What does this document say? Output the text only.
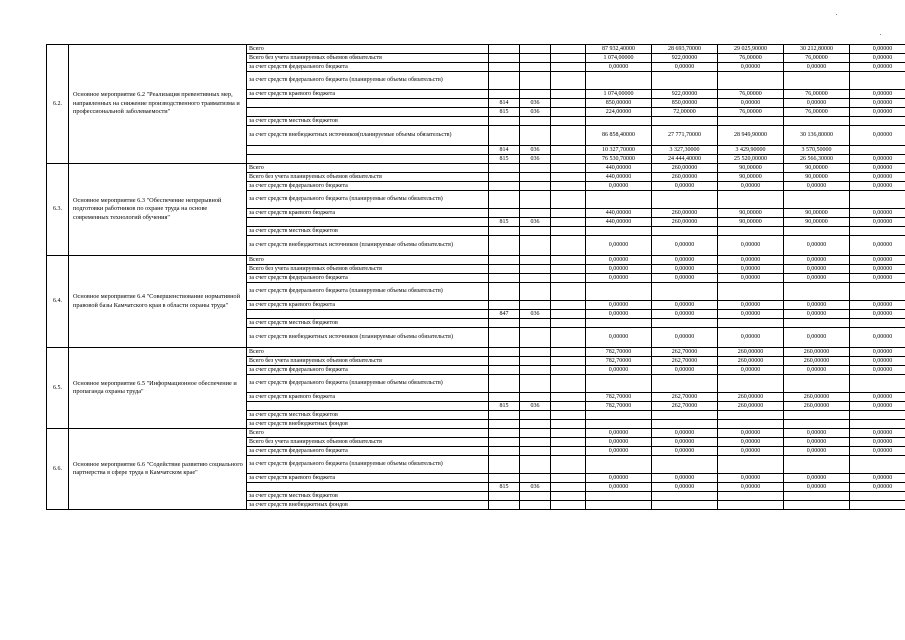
6.2.	Основное мероприятие 6.2 "Реализация превентивных мер, направленных на снижение производственного травматизма и профессиональной заболеваемости"	Всего				87 932,40000	28 693,70000	29 025,90000	30 212,80000	0,00000
		Всего без учета планируемых объемов обязательств				1 074,00000	922,00000	76,00000	76,00000	0,00000
		за счет средств федерального бюджета				0,00000	0,00000	0,00000	0,00000	0,00000
		за счет средств федерального бюджета (планируемые объемы обязательств)								
		за счет средств краевого бюджета				1 074,00000	922,00000	76,00000	76,00000	0,00000
			814	036		850,00000	850,00000	0,00000	0,00000	0,00000
			815	036		224,00000	72,00000	76,00000	76,00000	0,00000
		за счет средств местных бюджетов								
		за счет средств внебюджетных источников(планируемые объемы обязательств)				86 858,40000	27 771,70000	28 949,90000	30 136,80000	0,00000
			814	036		10 327,70000	3 327,30000	3 429,90000	3 570,50000	
			815	036		76 530,70000	24 444,40000	25 520,00000	26 566,30000	0,00000
6.3.	Основное мероприятие 6.3 "Обеспечение непрерывной подготовки работников по охране труда на основе современных технологий обучения"	Всего				440,00000	260,00000	90,00000	90,00000	0,00000
		Всего без учета планируемых объемов обязательств				440,00000	260,00000	90,00000	90,00000	0,00000
		за счет средств федерального бюджета				0,00000	0,00000	0,00000	0,00000	0,00000
		за счет средств федерального бюджета (планируемые объемы обязательств)								
		за счет средств краевого бюджета				440,00000	260,00000	90,00000	90,00000	0,00000
			815	036		440,00000	260,00000	90,00000	90,00000	0,00000
		за счет средств местных бюджетов								
		за счет средств внебюджетных источников (планируемые объемы обязательств)				0,00000	0,00000	0,00000	0,00000	0,00000
6.4.	Основное мероприятие 6.4 "Совершенствование нормативной правовой базы Камчатского края в области охраны труда"	Всего				0,00000	0,00000	0,00000	0,00000	0,00000
		Всего без учета планируемых объемов обязательств				0,00000	0,00000	0,00000	0,00000	0,00000
		за счет средств федерального бюджета				0,00000	0,00000	0,00000	0,00000	0,00000
		за счет средств федерального бюджета (планируемые объемы обязательств)								
		за счет средств краевого бюджета				0,00000	0,00000	0,00000	0,00000	0,00000
			847	036		0,00000	0,00000	0,00000	0,00000	0,00000
		за счет средств местных бюджетов								
		за счет средств внебюджетных источников (планируемые объемы обязательств)				0,00000	0,00000	0,00000	0,00000	0,00000
6.5.	Основное мероприятие 6.5 "Информационное обеспечение и пропаганда охраны труда"	Всего				782,70000	262,70000	260,00000	260,00000	0,00000
		Всего без учета планируемых объемов обязательств				782,70000	262,70000	260,00000	260,00000	0,00000
		за счет средств федерального бюджета				0,00000	0,00000	0,00000	0,00000	0,00000
		за счет средств федерального бюджета (планируемые объемы обязательств)								
		за счет средств краевого бюджета				782,70000	262,70000	260,00000	260,00000	0,00000
			815	036		782,70000	262,70000	260,00000	260,00000	0,00000
		за счет средств местных бюджетов								
		за счет средств внебюджетных фондов								
6.6.	Основное мероприятие 6.6 "Содействие развитию социального партнерства в сфере труда в Камчатском крае"	Всего				0,00000	0,00000	0,00000	0,00000	0,00000
		Всего без учета планируемых объемов обязательств				0,00000	0,00000	0,00000	0,00000	0,00000
		за счет средств федерального бюджета				0,00000	0,00000	0,00000	0,00000	0,00000
		за счет средств федерального бюджета (планируемые объемы обязательств)								
		за счет средств краевого бюджета				0,00000	0,00000	0,00000	0,00000	0,00000
			815	036		0,00000	0,00000	0,00000	0,00000	0,00000
		за счет средств местных бюджетов								
		за счет средств внебюджетных фондов								
